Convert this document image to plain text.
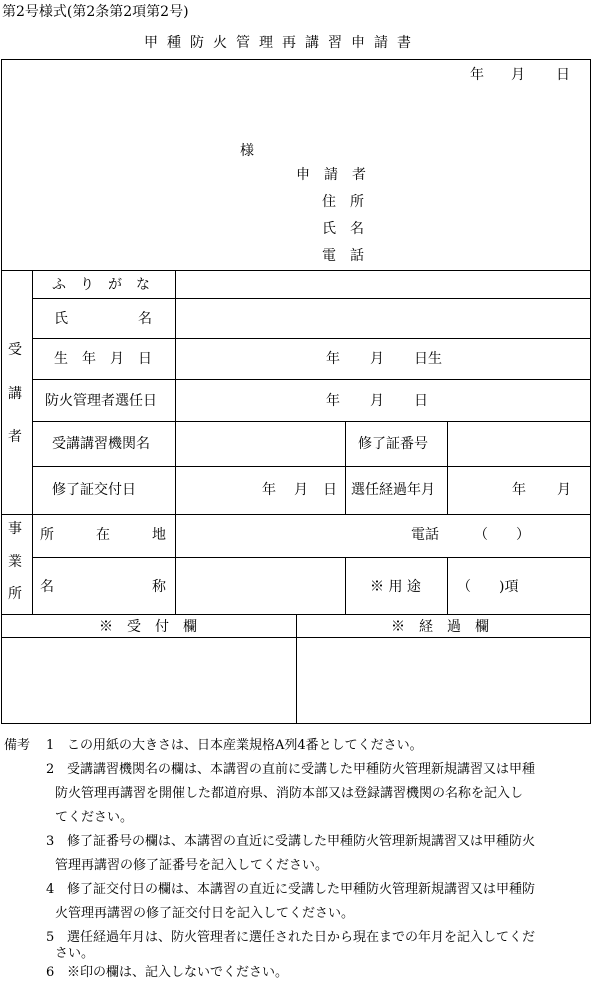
第2号様式(第2条第2項第2号)
甲種防火管理再講習申請書
年 月 日
様
申　請　者
住　所
氏　名
電　話
受
講
者
ふ　り　が　な
氏　　　　　名
生　年　月　日	年 月 日生
防火管理者選任日	年 月 日
受講講習機関名	修了証番号
修了証交付日	年 月 日 選任経過年月	年 月
事
業
所
所　　　在　　　地	電話　　　（　　）
名　　　　　　　称	※ 用 途	（　　)項
※　受　付　欄	※　経　過　欄
備考 1 この用紙の大きさは、日本産業規格A列4番としてください。
2 受講講習機関名の欄は、本講習の直前に受講した甲種防火管理新規講習又は甲種
防火管理再講習を開催した都道府県、消防本部又は登録講習機関の名称を記入し
てください。
3 修了証番号の欄は、本講習の直近に受講した甲種防火管理新規講習又は甲種防火
管理再講習の修了証番号を記入してください。
4 修了証交付日の欄は、本講習の直近に受講した甲種防火管理新規講習又は甲種防
火管理再講習の修了証交付日を記入してください。
5 選任経過年月は、防火管理者に選任された日から現在までの年月を記入してくだ
さい。
6 ※印の欄は、記入しないでください。
